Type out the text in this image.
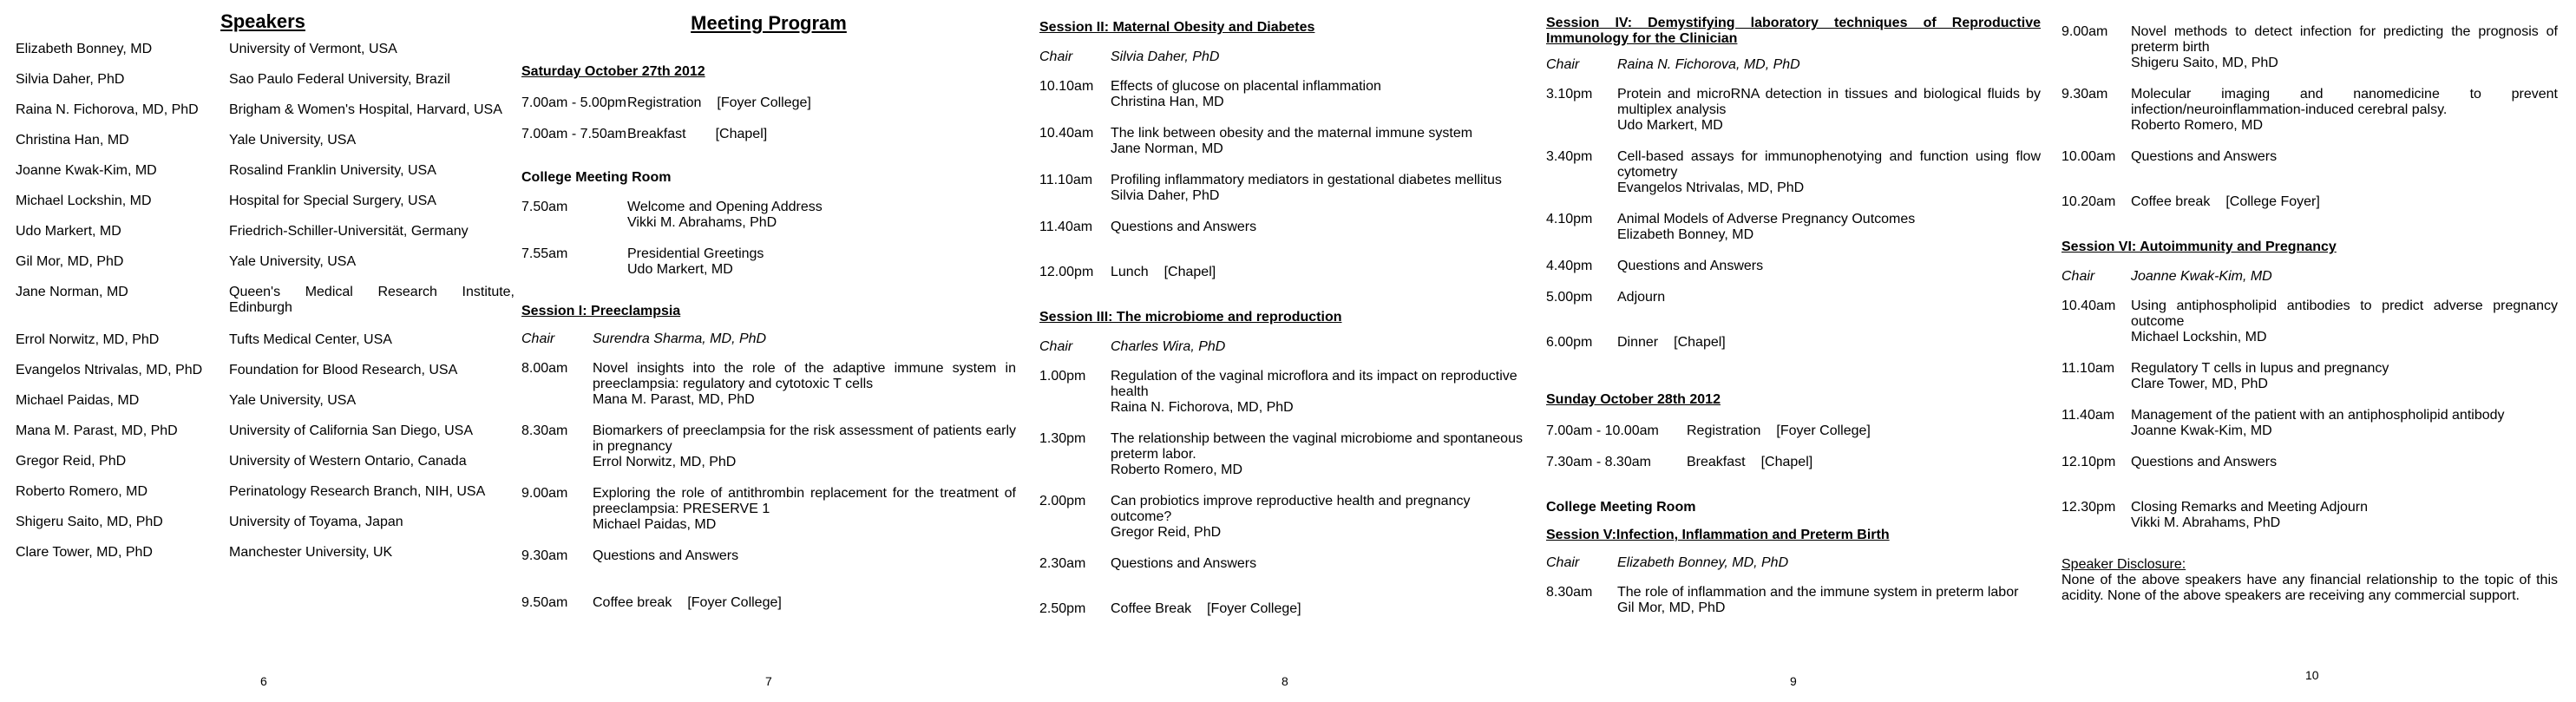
Speakers
Elizabeth Bonney, MD	University of Vermont, USA
Silvia Daher, PhD	Sao Paulo Federal University, Brazil
Raina N. Fichorova, MD, PhD	Brigham & Women's Hospital, Harvard, USA
Christina Han, MD	Yale University, USA
Joanne Kwak-Kim, MD	Rosalind Franklin University, USA
Michael Lockshin, MD	Hospital for Special Surgery, USA
Udo Markert, MD	Friedrich-Schiller-Universität, Germany
Gil Mor, MD, PhD	Yale University, USA
Jane Norman, MD	Queen's Medical Research Institute, Edinburgh
Errol Norwitz, MD, PhD	Tufts Medical Center, USA
Evangelos Ntrivalas, MD, PhD	Foundation for Blood Research, USA
Michael Paidas, MD	Yale University, USA
Mana M. Parast, MD, PhD	University of California San Diego, USA
Gregor Reid, PhD	University of Western Ontario, Canada
Roberto Romero, MD	Perinatology Research Branch, NIH, USA
Shigeru Saito, MD, PhD	University of Toyama, Japan
Clare Tower, MD, PhD	Manchester University, UK
6
Meeting Program
Saturday October 27th 2012
7.00am - 5.00pm Registration [Foyer College]
7.00am - 7.50am Breakfast [Chapel]
College Meeting Room
7.50am	Welcome and Opening Address
Vikki M. Abrahams, PhD
7.55am	Presidential Greetings
Udo Markert, MD
Session I: Preeclampsia
Chair	Surendra Sharma, MD, PhD
8.00am	Novel insights into the role of the adaptive immune system in preeclampsia: regulatory and cytotoxic T cells
Mana M. Parast, MD, PhD
8.30am	Biomarkers of preeclampsia for the risk assessment of patients early in pregnancy
Errol Norwitz, MD, PhD
9.00am	Exploring the role of antithrombin replacement for the treatment of preeclampsia: PRESERVE 1
Michael Paidas, MD
9.30am	Questions and Answers
9.50am	Coffee break [Foyer College]
7
Session II: Maternal Obesity and Diabetes
Chair	Silvia Daher, PhD
10.10am	Effects of glucose on placental inflammation
Christina Han, MD
10.40am	The link between obesity and the maternal immune system
Jane Norman, MD
11.10am	Profiling inflammatory mediators in gestational diabetes mellitus
Silvia Daher, PhD
11.40am	Questions and Answers
12.00pm	Lunch [Chapel]
Session III: The microbiome and reproduction
Chair	Charles Wira, PhD
1.00pm	Regulation of the vaginal microflora and its impact on reproductive health
Raina N. Fichorova, MD, PhD
1.30pm	The relationship between the vaginal microbiome and spontaneous preterm labor.
Roberto Romero, MD
2.00pm	Can probiotics improve reproductive health and pregnancy outcome?
Gregor Reid, PhD
2.30am	Questions and Answers
2.50pm	Coffee Break [Foyer College]
8
Session IV: Demystifying laboratory techniques of Reproductive Immunology for the Clinician
Chair	Raina N. Fichorova, MD, PhD
3.10pm	Protein and microRNA detection in tissues and biological fluids by multiplex analysis
Udo Markert, MD
3.40pm	Cell-based assays for immunophenotying and function using flow cytometry
Evangelos Ntrivalas, MD, PhD
4.10pm	Animal Models of Adverse Pregnancy Outcomes
Elizabeth Bonney, MD
4.40pm	Questions and Answers
5.00pm	Adjourn
6.00pm	Dinner [Chapel]
Sunday October 28th 2012
7.00am - 10.00am	Registration [Foyer College]
7.30am - 8.30am	Breakfast [Chapel]
College Meeting Room
Session V:Infection, Inflammation and Preterm Birth
Chair	Elizabeth Bonney, MD, PhD
8.30am	The role of inflammation and the immune system in preterm labor
Gil Mor, MD, PhD
9
9.00am	Novel methods to detect infection for predicting the prognosis of preterm birth
Shigeru Saito, MD, PhD
9.30am	Molecular imaging and nanomedicine to prevent infection/neuroinflammation-induced cerebral palsy.
Roberto Romero, MD
10.00am	Questions and Answers
10.20am	Coffee break [College Foyer]
Session VI: Autoimmunity and Pregnancy
Chair	Joanne Kwak-Kim, MD
10.40am	Using antiphospholipid antibodies to predict adverse pregnancy outcome
Michael Lockshin, MD
11.10am	Regulatory T cells in lupus and pregnancy
Clare Tower, MD, PhD
11.40am	Management of the patient with an antiphospholipid antibody
Joanne Kwak-Kim, MD
12.10pm	Questions and Answers
12.30pm	Closing Remarks and Meeting Adjourn
Vikki M. Abrahams, PhD
Speaker Disclosure:
None of the above speakers have any financial relationship to the topic of this acidity. None of the above speakers are receiving any commercial support.
10
